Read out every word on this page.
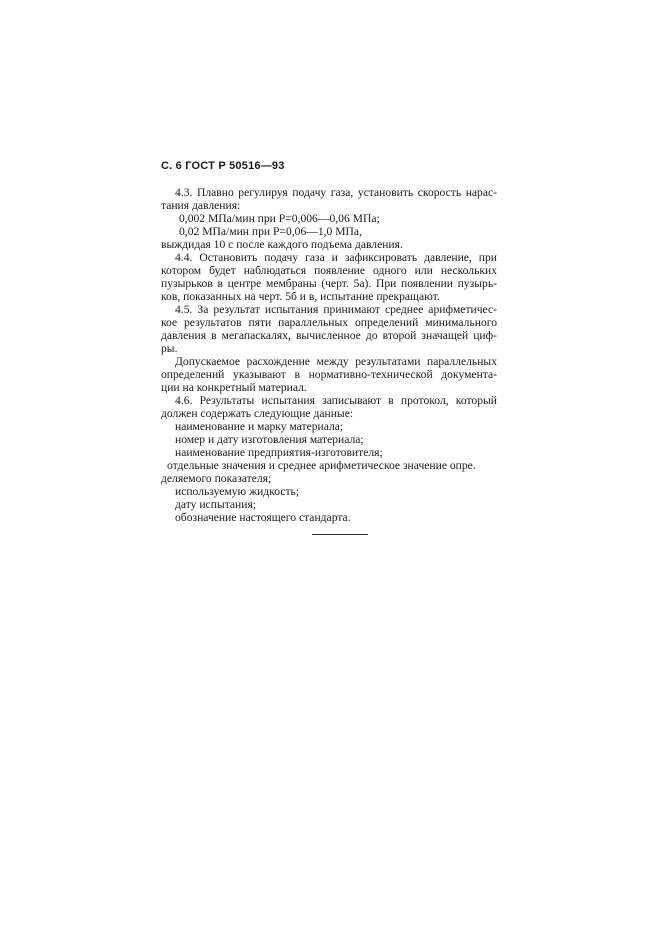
С. 6 ГОСТ Р 50516—93
4.3. Плавно регулируя подачу газа, установить скорость нарас-
тания давления:
0,002 МПа/мин при P=0,006—0,06 МПа;
0,02 МПа/мин при P=0,06—1,0 МПа,
выждидая 10 с после каждого подъема давления.
4.4. Остановить подачу газа и зафиксировать давление, при
котором будет наблюдаться появление одного или нескольких
пузырьков в центре мембраны (черт. 5а). При появлении пузырь-
ков, показанных на черт. 5б и в, испытание прекращают.
4.5. За результат испытания принимают среднее арифметичес-
кое результатов пяти параллельных определений минимального
давления в мегапаскалях, вычисленное до второй значащей циф-
ры.
Допускаемое расхождение между результатами параллельных
определений указывают в нормативно-технической документа-
ции на конкретный материал.
4.6. Результаты испытания записывают в протокол, который
должен содержать следующие данные:
наименование и марку материала;
номер и дату изготовления материала;
наименование предприятия-изготовителя;
отдельные значения и среднее арифметическое значение опре.
деляемого показателя;
используемую жидкость;
дату испытания;
обозначение настоящего стандарта.
